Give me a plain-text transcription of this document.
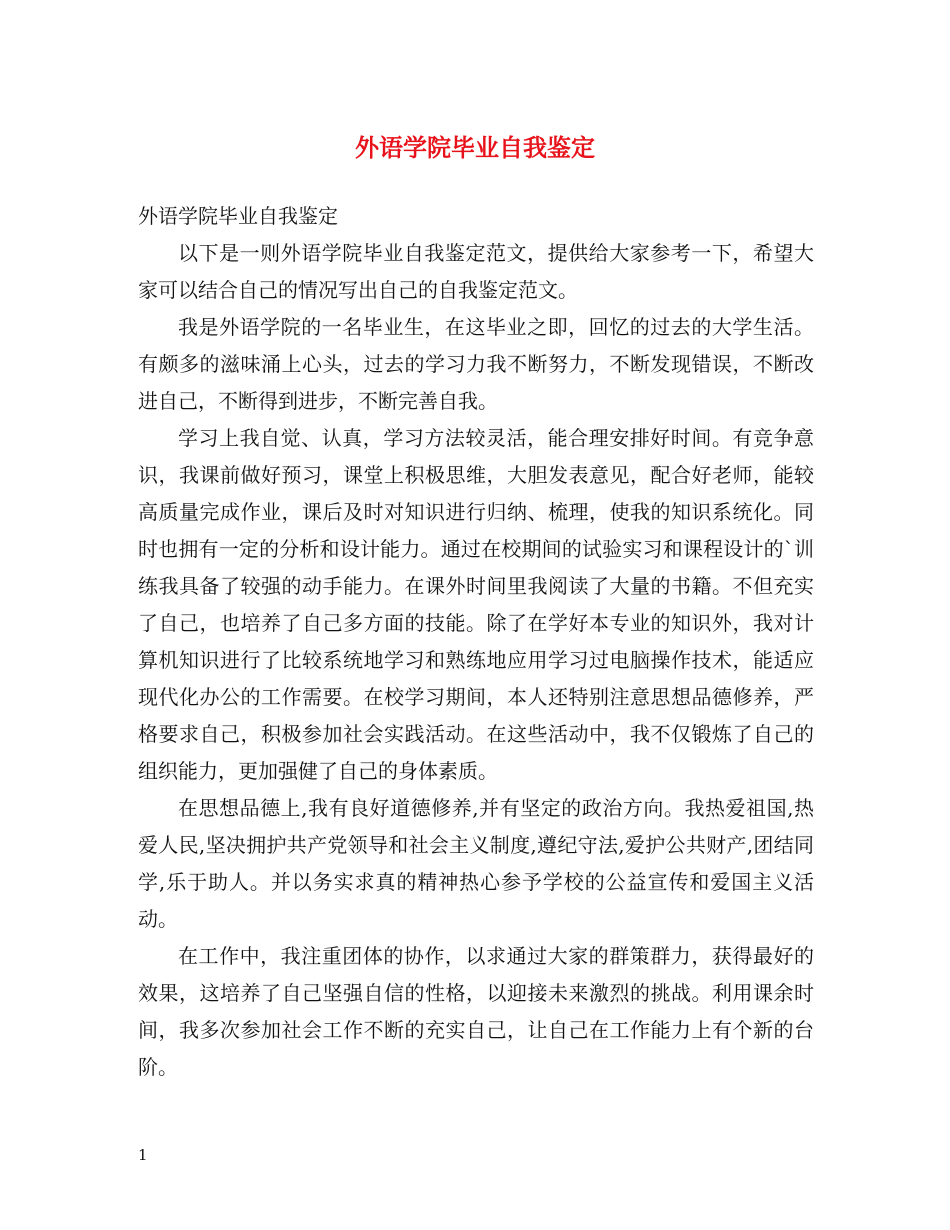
外语学院毕业自我鉴定

外语学院毕业自我鉴定

以下是一则外语学院毕业自我鉴定范文，提供给大家参考一下，希望大家可以结合自己的情况写出自己的自我鉴定范文。

我是外语学院的一名毕业生，在这毕业之即，回忆的过去的大学生活。有颇多的滋味涌上心头，过去的学习力我不断努力，不断发现错误，不断改进自己，不断得到进步，不断完善自我。

学习上我自觉、认真，学习方法较灵活，能合理安排好时间。有竞争意识，我课前做好预习，课堂上积极思维，大胆发表意见，配合好老师，能较高质量完成作业，课后及时对知识进行归纳、梳理，使我的知识系统化。同时也拥有一定的分析和设计能力。通过在校期间的试验实习和课程设计的`训练我具备了较强的动手能力。在课外时间里我阅读了大量的书籍。不但充实了自己，也培养了自己多方面的技能。除了在学好本专业的知识外，我对计算机知识进行了比较系统地学习和熟练地应用学习过电脑操作技术，能适应现代化办公的工作需要。在校学习期间，本人还特别注意思想品德修养，严格要求自己，积极参加社会实践活动。在这些活动中，我不仅锻炼了自己的组织能力，更加强健了自己的身体素质。

在思想品德上,我有良好道德修养,并有坚定的政治方向。我热爱祖国,热爱人民,坚决拥护共产党领导和社会主义制度,遵纪守法,爱护公共财产,团结同学,乐于助人。并以务实求真的精神热心参予学校的公益宣传和爱国主义活动。

在工作中，我注重团体的协作，以求通过大家的群策群力，获得最好的效果，这培养了自己坚强自信的性格，以迎接未来激烈的挑战。利用课余时间，我多次参加社会工作不断的充实自己，让自己在工作能力上有个新的台阶。

1
